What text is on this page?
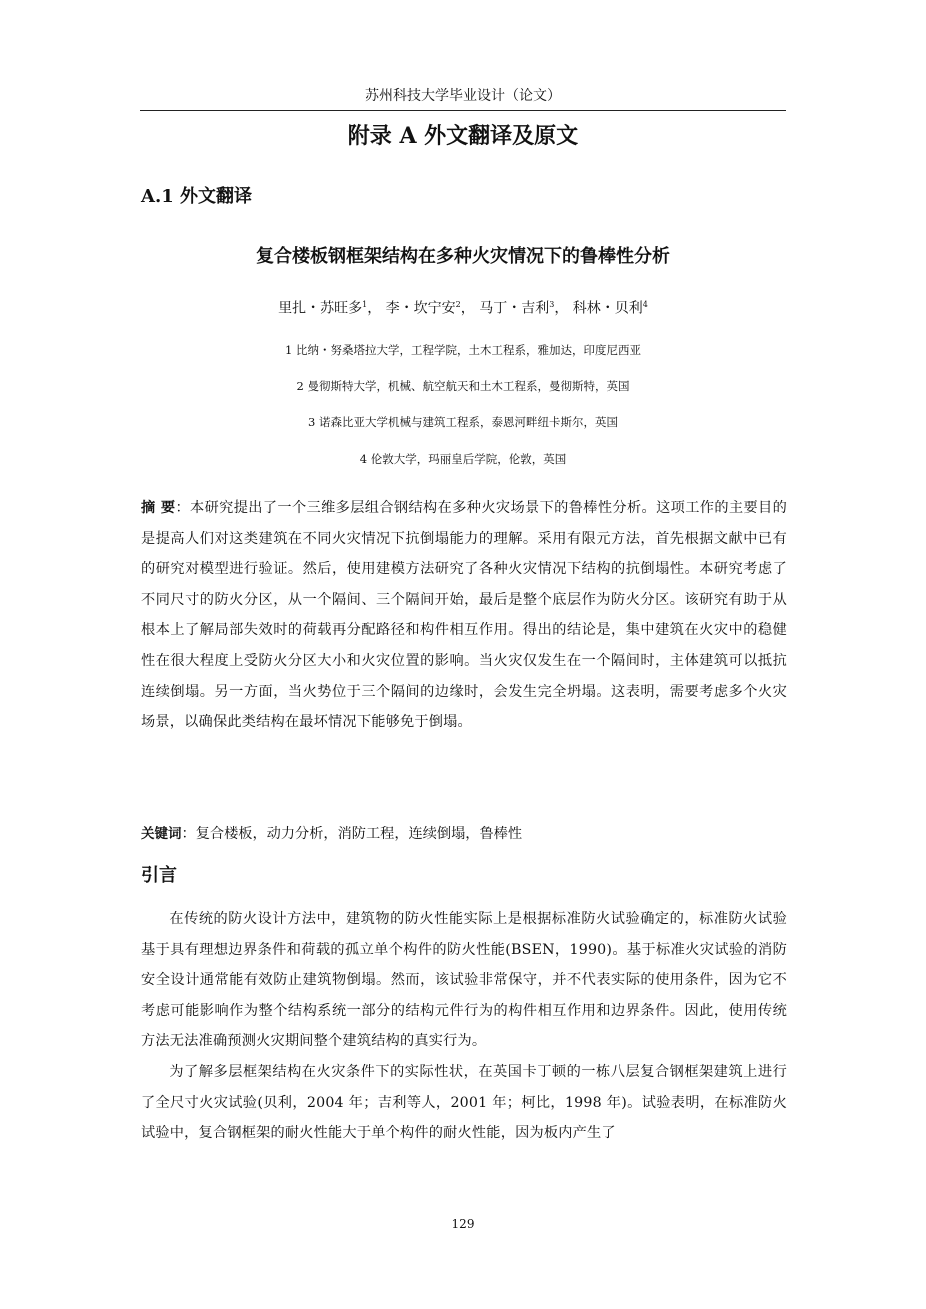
苏州科技大学毕业设计（论文）
附录 A 外文翻译及原文
A.1 外文翻译
复合楼板钢框架结构在多种火灾情况下的鲁棒性分析
里扎・苏旺多$^1$， 李・坎宁安$^2$， 马丁・吉利$^3$， 科林・贝利$^4$
1 比纳・努桑塔拉大学，工程学院，土木工程系，雅加达，印度尼西亚
2 曼彻斯特大学，机械、航空航天和土木工程系，曼彻斯特，英国
3 诺森比亚大学机械与建筑工程系，泰恩河畔纽卡斯尔，英国
4 伦敦大学，玛丽皇后学院，伦敦，英国
摘 要：本研究提出了一个三维多层组合钢结构在多种火灾场景下的鲁棒性分析。这项工作的主要目的是提高人们对这类建筑在不同火灾情况下抗倒塌能力的理解。采用有限元方法，首先根据文献中已有的研究对模型进行验证。然后，使用建模方法研究了各种火灾情况下结构的抗倒塌性。本研究考虑了不同尺寸的防火分区，从一个隔间、三个隔间开始，最后是整个底层作为防火分区。该研究有助于从根本上了解局部失效时的荷载再分配路径和构件相互作用。得出的结论是，集中建筑在火灾中的稳健性在很大程度上受防火分区大小和火灾位置的影响。当火灾仅发生在一个隔间时，主体建筑可以抵抗连续倒塌。另一方面，当火势位于三个隔间的边缘时，会发生完全坍塌。这表明，需要考虑多个火灾场景，以确保此类结构在最坏情况下能够免于倒塌。
关键词：复合楼板，动力分析，消防工程，连续倒塌，鲁棒性
引言

在传统的防火设计方法中，建筑物的防火性能实际上是根据标准防火试验确定的，标准防火试验基于具有理想边界条件和荷载的孤立单个构件的防火性能(BSEN，1990)。基于标准火灾试验的消防安全设计通常能有效防止建筑物倒塌。然而，该试验非常保守，并不代表实际的使用条件，因为它不考虑可能影响作为整个结构系统一部分的结构元件行为的构件相互作用和边界条件。因此，使用传统方法无法准确预测火灾期间整个建筑结构的真实行为。

为了解多层框架结构在火灾条件下的实际性状，在英国卡丁顿的一栋八层复合钢框架建筑上进行了全尺寸火灾试验(贝利，2004 年；吉利等人，2001 年；柯比，1998 年)。试验表明，在标准防火试验中，复合钢框架的耐火性能大于单个构件的耐火性能，因为板内产生了

129
